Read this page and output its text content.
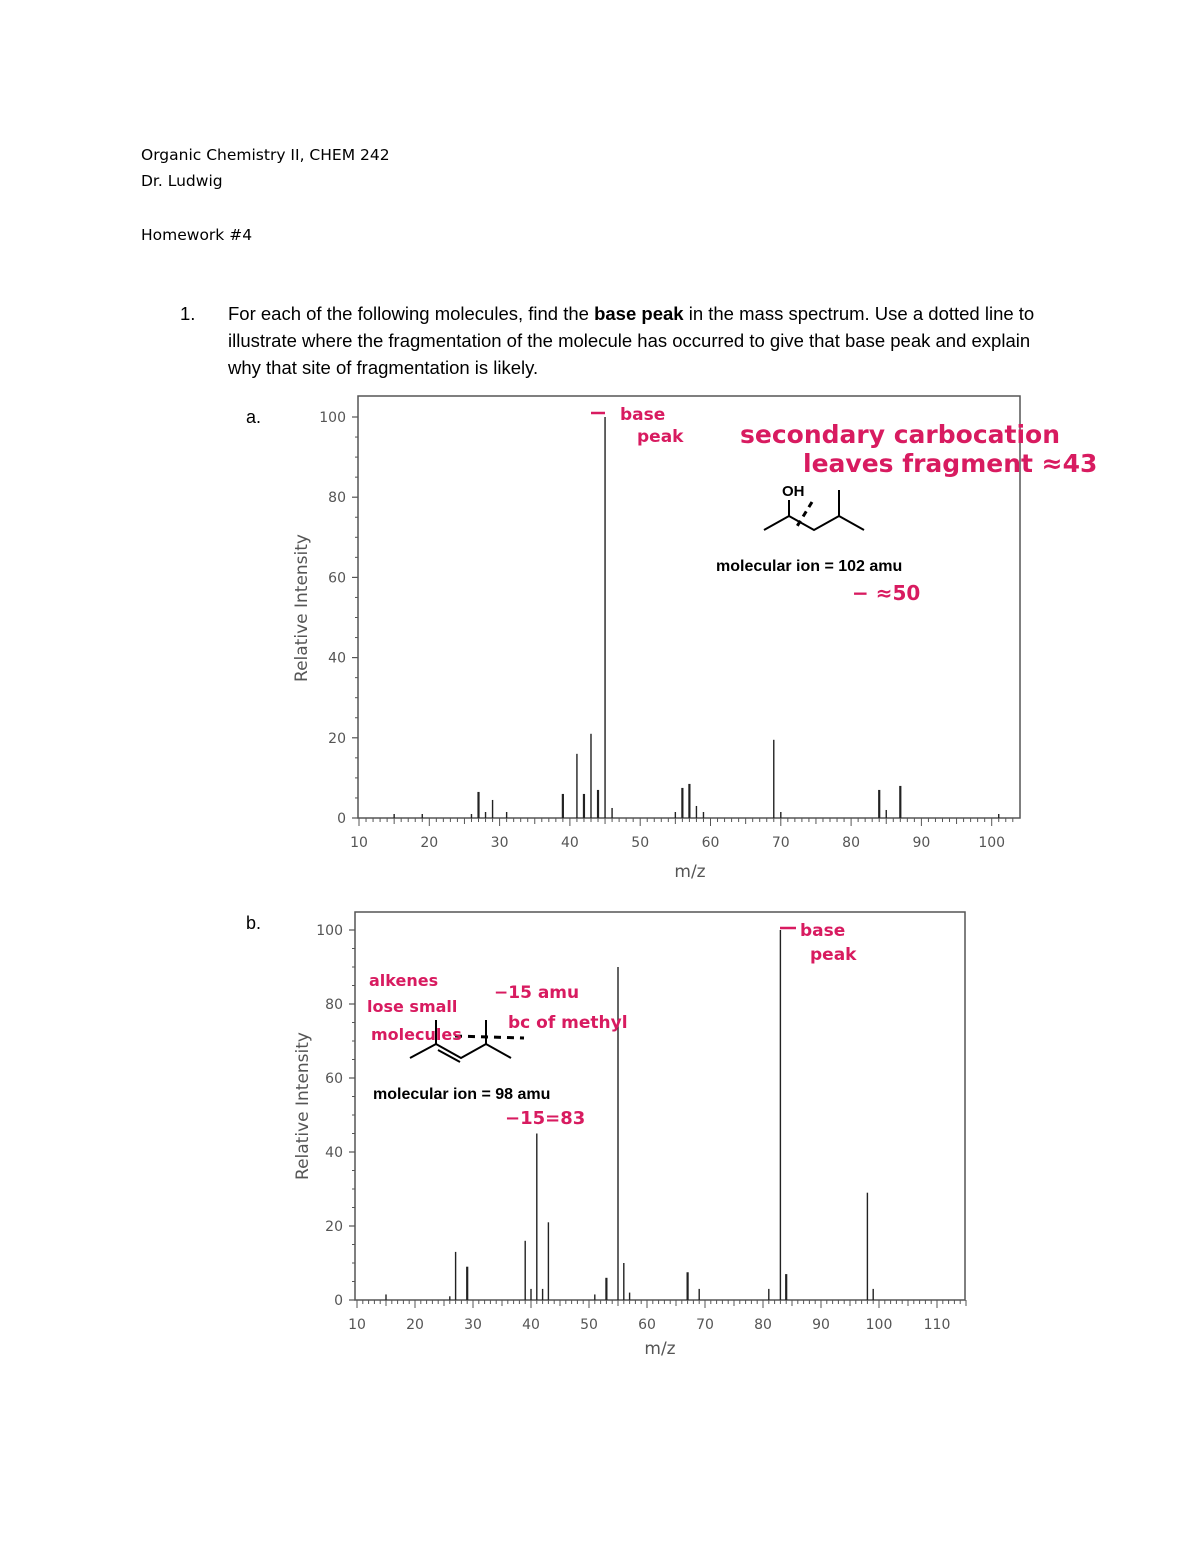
Organic Chemistry II, CHEM 242
Dr. Ludwig
Homework #4
1. For each of the following molecules, find the base peak in the mass spectrum. Use a dotted line to illustrate where the fragmentation of the molecule has occurred to give that base peak and explain why that site of fragmentation is likely.
a.
b.
0
20
40
60
80
100
10	20	30	40	50	60	70	80	90	100
m/z
Relative Intensity
OH
molecular ion = 102 amu
base
peak secondary carbocation
leaves fragment ≈43
− ≈50
0
20
40
60
80
100
10	20	30	40	50	60	70	80	90	100 110
m/z
Relative Intensity	molecular ion = 98 amu
base
peak
alkenes
lose small
molecules
−15 amu
bc of methyl
−15=83
